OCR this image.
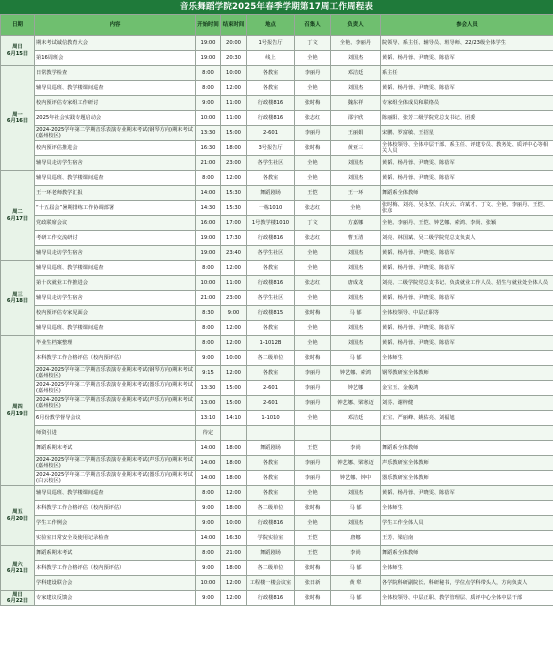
音乐舞蹈学院2025年春季学期第17周工作周程表
日期	内容	开始时间	结束时间	地点	召集人	负责人	参会人员

周日
6月15日	期末考试诚信教育大会	19:00	20:00	1号报告厅	丁文	全艳、李丽丹	院领导、系主任、辅导员、班导师、22/23级全体学生
	第16周班会	19:00	20:30	线上	全艳	刘国杰	黄韬、杨丹蓉、尹晓雯、陈蓓军

周一
6月16日	日常教学检查	8:00	10:00	各教室	李丽丹	邓洁廷	系主任
	辅导员巡班、教学楼课间巡查	8:00	12:00	各教室	全艳	刘国杰	黄韬、杨丹蓉、尹晓雯、陈蓓军
	校内预评估专家组工作研讨	9:00	11:00	行政楼816	张时梅	魏东祥	专家组全体成员和联络员
	2025年社会实践专题启动会	10:00	11:00	行政楼816	张志红	邵宇欣	陈丽阳、张芳二级学院党总支书记、团委
	2024-2025学年第二学期音乐表演专业期末考试(钢琴方向)期末考试(嘉州校区)	13:30	15:00	2-601	李丽丹	王丽娟	宋鹏、罗富敏、王招星
	校内预评估推进会	16:30	18:00	3号报告厅	张时梅	黄亚三	全体校领导、全体中层干部、系主任、评建专员、教务处、质评中心等相关人员
	辅导员走访学生宿舍	21:00	23:00	各学生社区	全艳	刘国杰	黄韬、杨丹蓉、尹晓雯、陈蓓军

周二
6月17日	辅导员巡班、教学楼课间巡查	8:00	12:00	各教室	全艳	刘国杰	黄韬、杨丹蓉、尹晓雯、陈蓓军
	王一环老师教学汇报	14:00	15:30	舞蹈剧场	王恺	王一环	舞蹈系全体教师
	“十五届会”暑期排练工作协调部署	14:30	15:30	一栋1010	张志红	全艳	张时梅、刘亮、吴永坚、白火云、许斌才、丁文、全艳、李丽丹、王恺、张彦
	党政联席会议	16:00	17:00	1号教学楼1010	丁文	方嘉娜	全艳、李丽丹、王恺、钟艺娜、索鸿、李尚、张颖
	考研工作交流研讨	19:00	17:30	行政楼816	张志红	曹玉清	刘亮、林国斌、吴二级学院党总支负责人
	辅导员走访学生宿舍	19:00	23:40	各学生社区	全艳	刘国杰	黄韬、杨丹蓉、尹晓雯、陈蓓军

周三
6月18日	辅导员巡班、教学楼课间巡查	8:00	12:00	各教室	全艳	刘国杰	黄韬、杨丹蓉、尹晓雯、陈蓓军
	第十次就业工作推进会	10:00	11:00	行政楼816	张志红	唐成龙	刘亮、二级学院党总支书记、负责就业工作人员、招生与就业处全体人员
	辅导员走访学生宿舍	21:00	23:00	各学生社区	全艳	刘国杰	黄韬、杨丹蓉、尹晓雯、陈蓓军
	校内预评估专家见面会	8:30	9:00	行政楼815	张时梅	马 郁	全体校领导、中层正职等
	辅导员巡班、教学楼课间巡查	8:00	12:00	各教室	全艳	刘国杰	黄韬、杨丹蓉、尹晓雯、陈蓓军

周四
6月19日	毕业生档案整理	8:00	12:00	1-1012B	全艳	刘国杰	黄韬、杨丹蓉、尹晓雯、陈蓓军
	本科教学工作合格评估（校内预评估）	9:00	10:00	各二级单位	张时梅	马 郁	全体师生
	2024-2025学年第二学期音乐表演专业期末考试(钢琴方向)期末考试(嘉州校区)	9:15	12:00	各教室	李丽丹	钟艺娜、索鸿	钢琴教研室全体教师
	2024-2025学年第二学期音乐表演专业期末考试(器乐方向)期末考试(嘉州校区)	13:30	15:00	2-601	李丽丹	钟艺娜	金宝玉、金俊鸿
	2024-2025学年第二学期音乐表演专业期末考试(声乐方向)期末考试(嘉州校区)	13:00	15:00	2-601	李丽丹	钟艺娜、梁寒迈	刘芬、谢梓健
	6月份教学督导会议	13:10	14:10	1-1010	全艳	邓洁廷	正宝、严丽峰、姚佑亮、刘福旭
	师资引进	待定					
	舞蹈系期末考试	14:00	18:00	舞蹈剧场	王恺	李尚	舞蹈系全体教师
	2024-2025学年第二学期音乐表演专业期末考试(声乐方向)期末考试(嘉州校区)	14:00	18:00	各教室	李丽丹	钟艺娜、梁寒迈	声乐教研室全体教师
	2024-2025学年第二学期音乐表演专业期末考试(器乐方向)期末考试(白云校区)	14:00	18:00	各教室	李丽丹	钟艺娜、钟中	器乐教研室全体教师

周五
6月20日	辅导员巡班、教学楼课间巡查	8:00	12:00	各教室	全艳	刘国杰	黄韬、杨丹蓉、尹晓雯、陈蓓军
	本科教学工作合格评估（校内预评估）	9:00	18:00	各二级单位	张时梅	马 郁	全体师生
	学生工作例会	9:00	10:00	行政楼816	全艳	刘国杰	学生工作全体人员
	实验室日常安全及使用记录检查	14:00	16:30	学院实验室	王恺	唐娜	王芳、梁启南

周六
6月21日	舞蹈系期末考试	8:00	21:00	舞蹈剧场	王恺	李尚	舞蹈系全体教师
	本科教学工作合格评估（校内预评估）	9:00	18:00	各二级单位	张时梅	马 郁	全体师生
	学科建设联合会	10:00	12:00	工程楼一楼会议室	张日新	黄 犁	各学院科研副院长、科研秘书，学位点学科带头人，方向负责人

周日
6月22日	专家建议反馈会	9:00	12:00	行政楼816	张时梅	马 郁	全体校领导、中层正职、教学管理层、质评中心全体中层干部
